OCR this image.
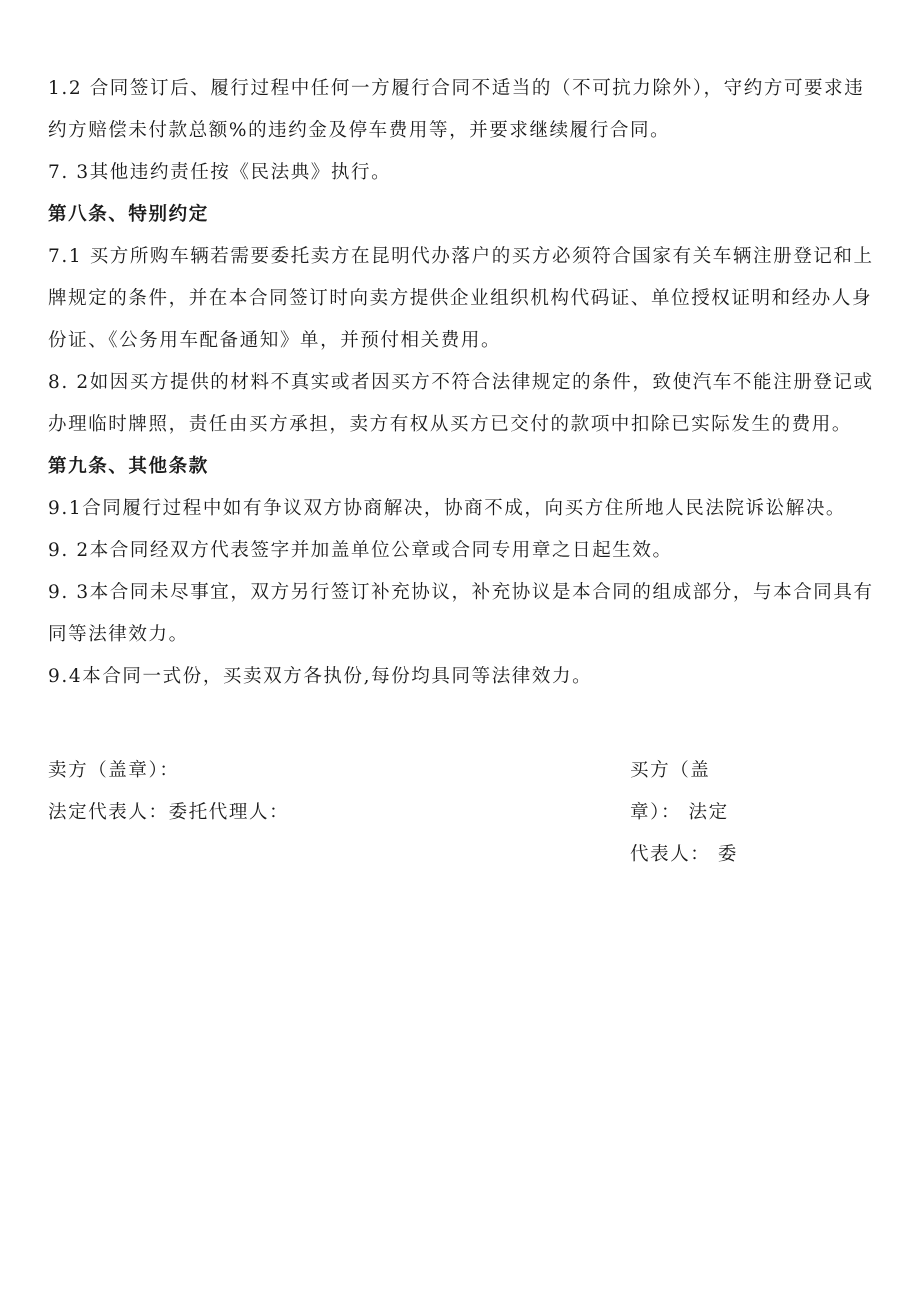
1.2 合同签订后、履行过程中任何一方履行合同不适当的（不可抗力除外），守约方可要求违约方赔偿未付款总额%的违约金及停车费用等，并要求继续履行合同。
7. 3其他违约责任按《民法典》执行。
第八条、特别约定
7.1 买方所购车辆若需要委托卖方在昆明代办落户的买方必须符合国家有关车辆注册登记和上牌规定的条件，并在本合同签订时向卖方提供企业组织机构代码证、单位授权证明和经办人身份证、《公务用车配备通知》单，并预付相关费用。
8. 2如因买方提供的材料不真实或者因买方不符合法律规定的条件，致使汽车不能注册登记或办理临时牌照，责任由买方承担，卖方有权从买方已交付的款项中扣除已实际发生的费用。
第九条、其他条款
9.1合同履行过程中如有争议双方协商解决，协商不成，向买方住所地人民法院诉讼解决。
9. 2本合同经双方代表签字并加盖单位公章或合同专用章之日起生效。
9. 3本合同未尽事宜，双方另行签订补充协议，补充协议是本合同的组成部分，与本合同具有同等法律效力。
9.4本合同一式份，买卖双方各执份,每份均具同等法律效力。
卖方（盖章）：
法定代表人：委托代理人：
买方（盖
章）： 法定
代表人： 委
